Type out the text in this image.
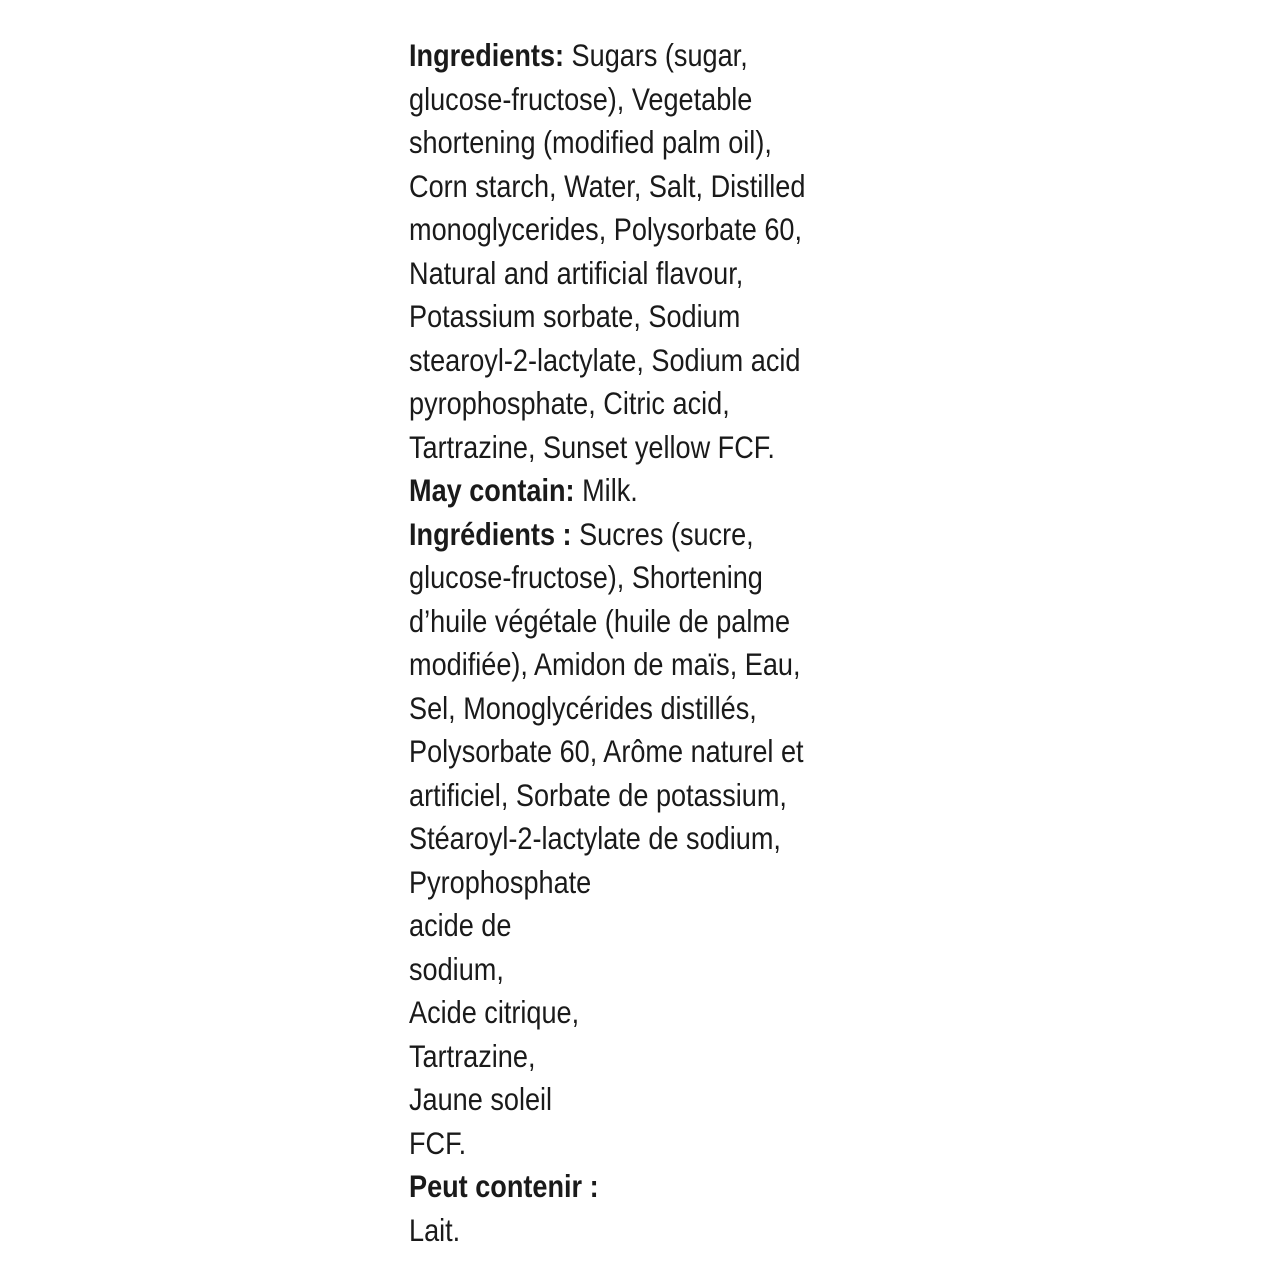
Ingredients: Sugars (sugar,
glucose-fructose), Vegetable
shortening (modified palm oil),
Corn starch, Water, Salt, Distilled
monoglycerides, Polysorbate 60,
Natural and artificial flavour,
Potassium sorbate, Sodium
stearoyl-2-lactylate, Sodium acid
pyrophosphate, Citric acid,
Tartrazine, Sunset yellow FCF.
May contain: Milk.
Ingrédients : Sucres (sucre,
glucose-fructose), Shortening
d’huile végétale (huile de palme
modifiée), Amidon de maïs, Eau,
Sel, Monoglycérides distillés,
Polysorbate 60, Arôme naturel et
artificiel, Sorbate de potassium,
Stéaroyl-2-lactylate de sodium,
Pyrophosphate
acide de
sodium,
Acide citrique,
Tartrazine,
Jaune soleil
FCF.
Peut contenir :
Lait.
